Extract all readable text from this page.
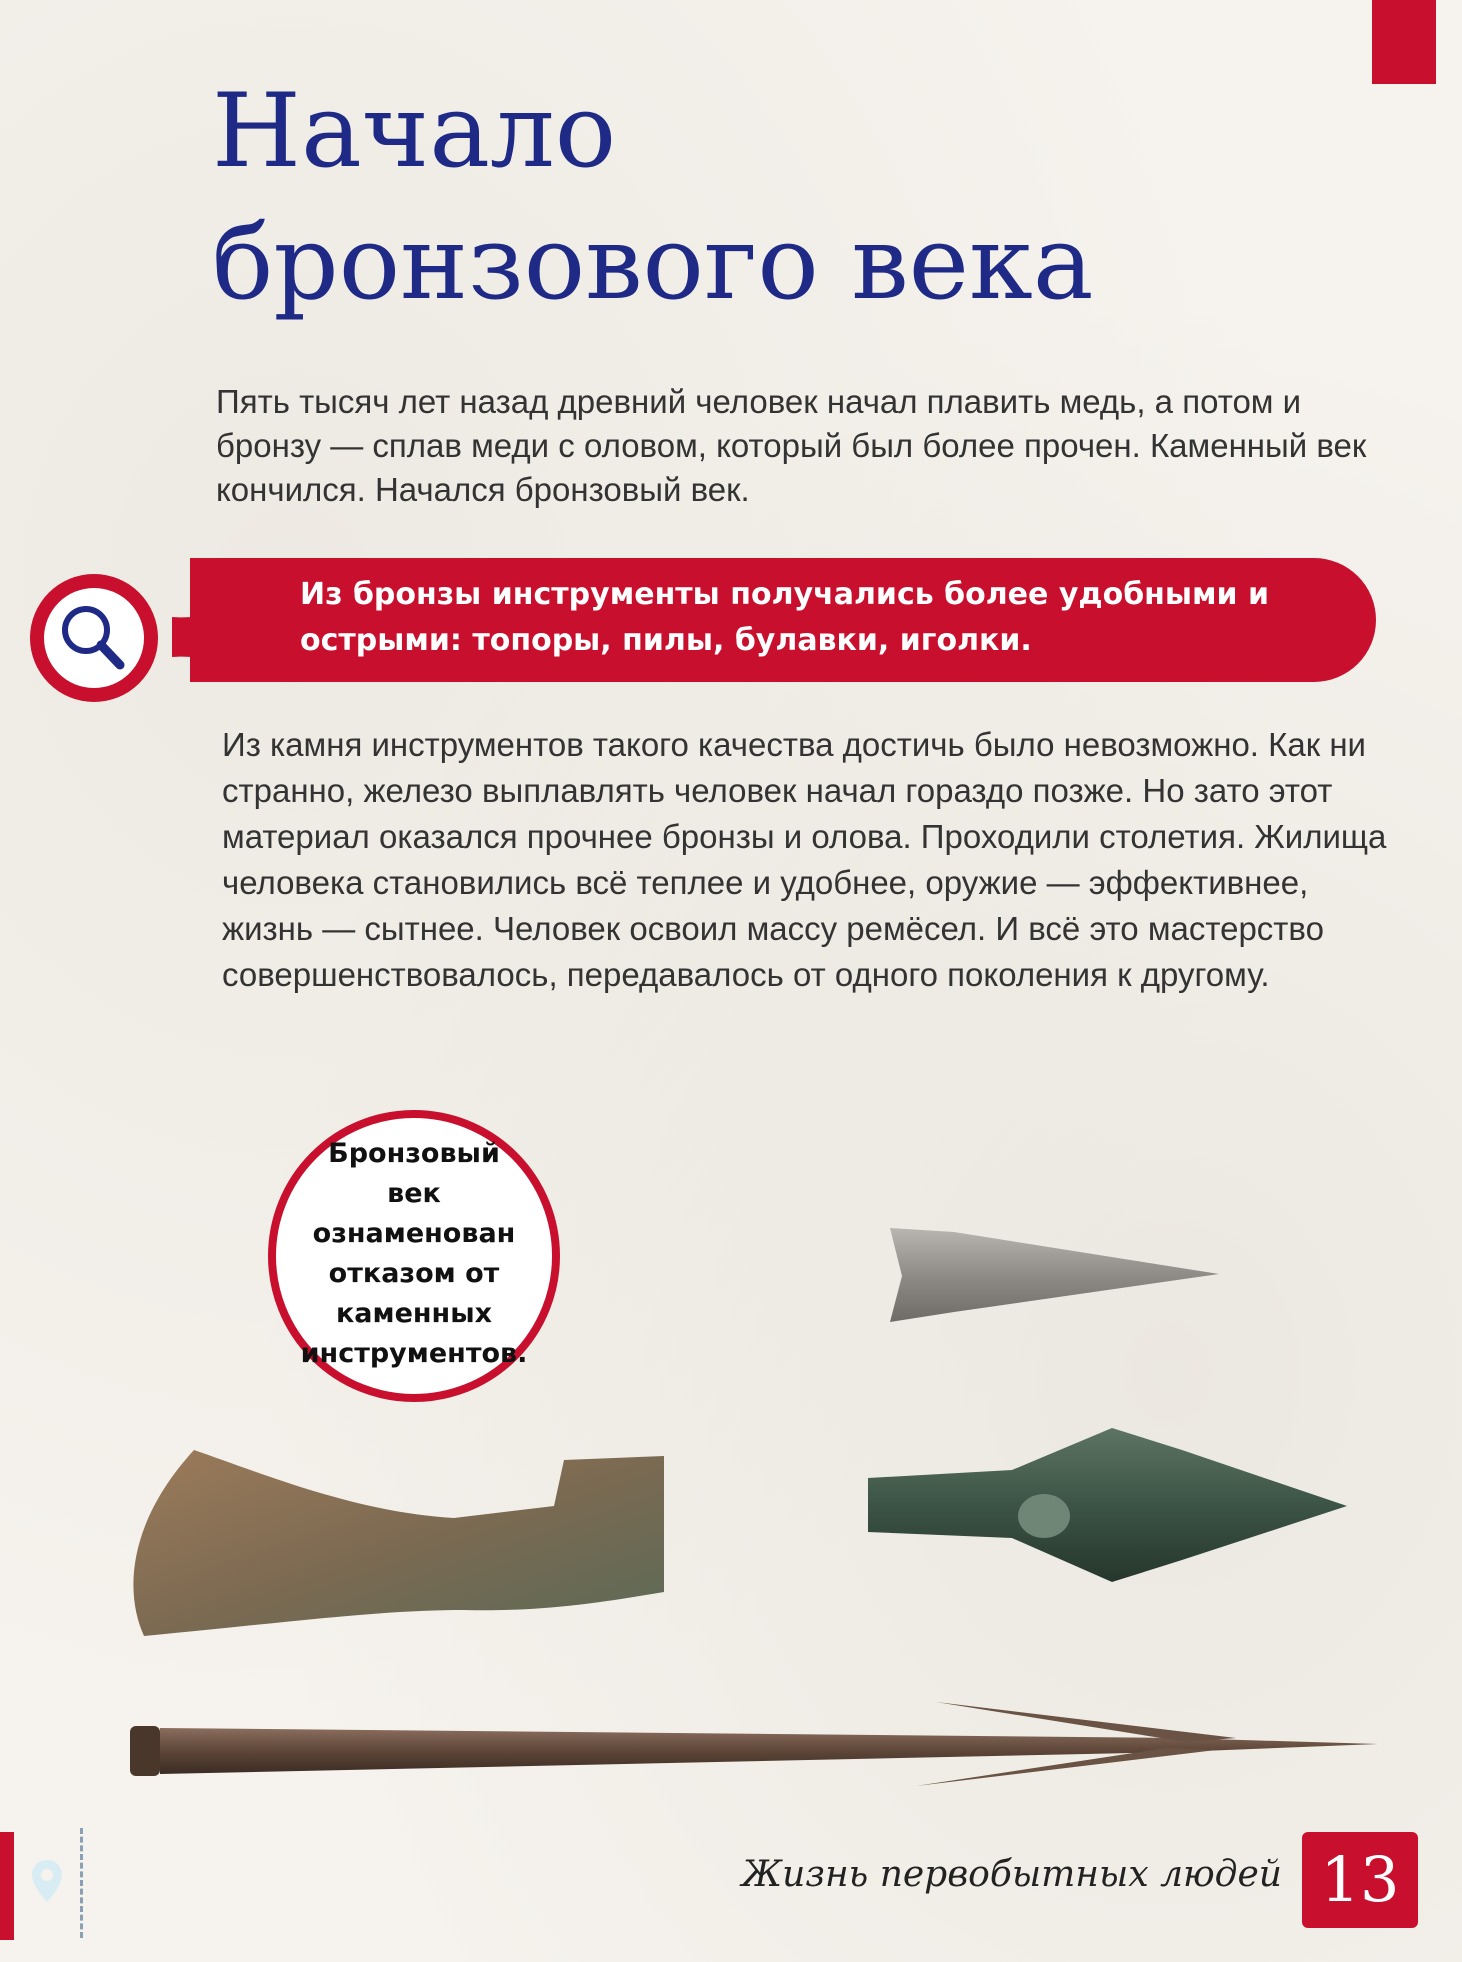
Начало
бронзового века

Пять тысяч лет назад древний человек начал плавить медь, а потом и бронзу — сплав меди с оловом, который был более прочен. Каменный век кончился. Начался бронзовый век.

Из бронзы инструменты получались более удобными и острыми: топоры, пилы, булавки, иголки.

Из камня инструментов такого качества достичь было невозможно. Как ни странно, железо выплавлять человек начал гораздо позже. Но зато этот материал оказался прочнее бронзы и олова. Проходили столетия. Жилища человека становились всё теплее и удобнее, оружие — эффективнее, жизнь — сытнее. Человек освоил массу ремёсел. И всё это мастерство совершенствовалось, передавалось от одного поколения к другому.

Бронзовый век ознаменован отказом от каменных инструментов.

Жизнь первобытных людей 13
